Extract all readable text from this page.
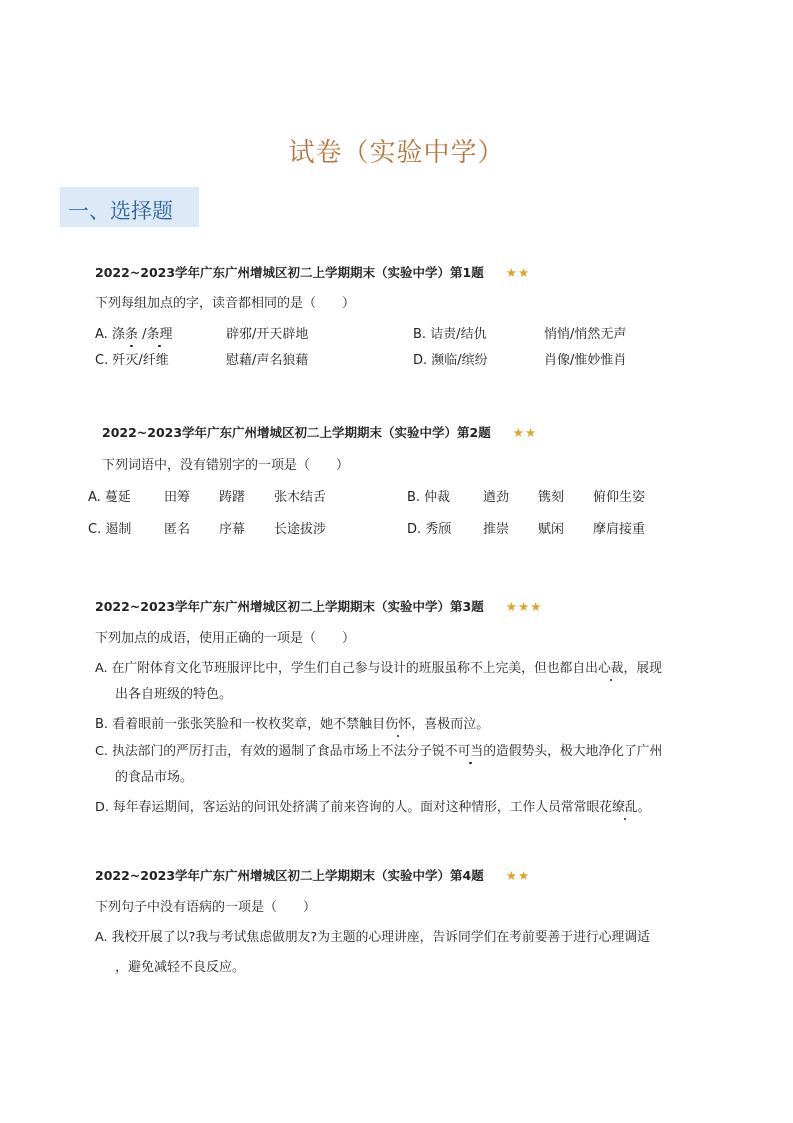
试卷（实验中学）
一、选择题
2022~2023学年广东广州增城区初二上学期期末（实验中学）第1题 ★★
下列每组加点的字，读音都相同的是（　　）
A. 涤条 /条理	辟邪/开天辟地	B. 诘责/结仇	悄悄/悄然无声
C. 歼灭/纤维	慰藉/声名狼藉	D. 濒临/缤纷	肖像/惟妙惟肖
2022~2023学年广东广州增城区初二上学期期末（实验中学）第2题 ★★
下列词语中，没有错别字的一项是（　　）
A. 蔓延	田筹 踌躇 张木结舌	B. 仲裁	遒劲 镌刻 俯仰生姿
C. 遏制	匿名 序幕 长途拔涉	D. 秀颀 推崇 赋闲 摩肩接重
2022~2023学年广东广州增城区初二上学期期末（实验中学）第3题 ★★★
下列加点的成语，使用正确的一项是（　　）
A. 在广附体育文化节班服评比中，学生们自己参与设计的班服虽称不上完美，但也都自出心裁，展现
出各自班级的特色。
B. 看着眼前一张张笑脸和一枚枚奖章，她不禁触目伤怀，喜极而泣。
C. 执法部门的严厉打击，有效的遏制了食品市场上不法分子锐不可当的造假势头，极大地净化了广州
的食品市场。
D. 每年春运期间，客运站的问讯处挤满了前来咨询的人。面对这种情形，工作人员常常眼花缭乱。
2022~2023学年广东广州增城区初二上学期期末（实验中学）第4题 ★★
下列句子中没有语病的一项是（　　）
A. 我校开展了以?我与考试焦虑做朋友?为主题的心理讲座，告诉同学们在考前要善于进行心理调适
，避免减轻不良反应。
